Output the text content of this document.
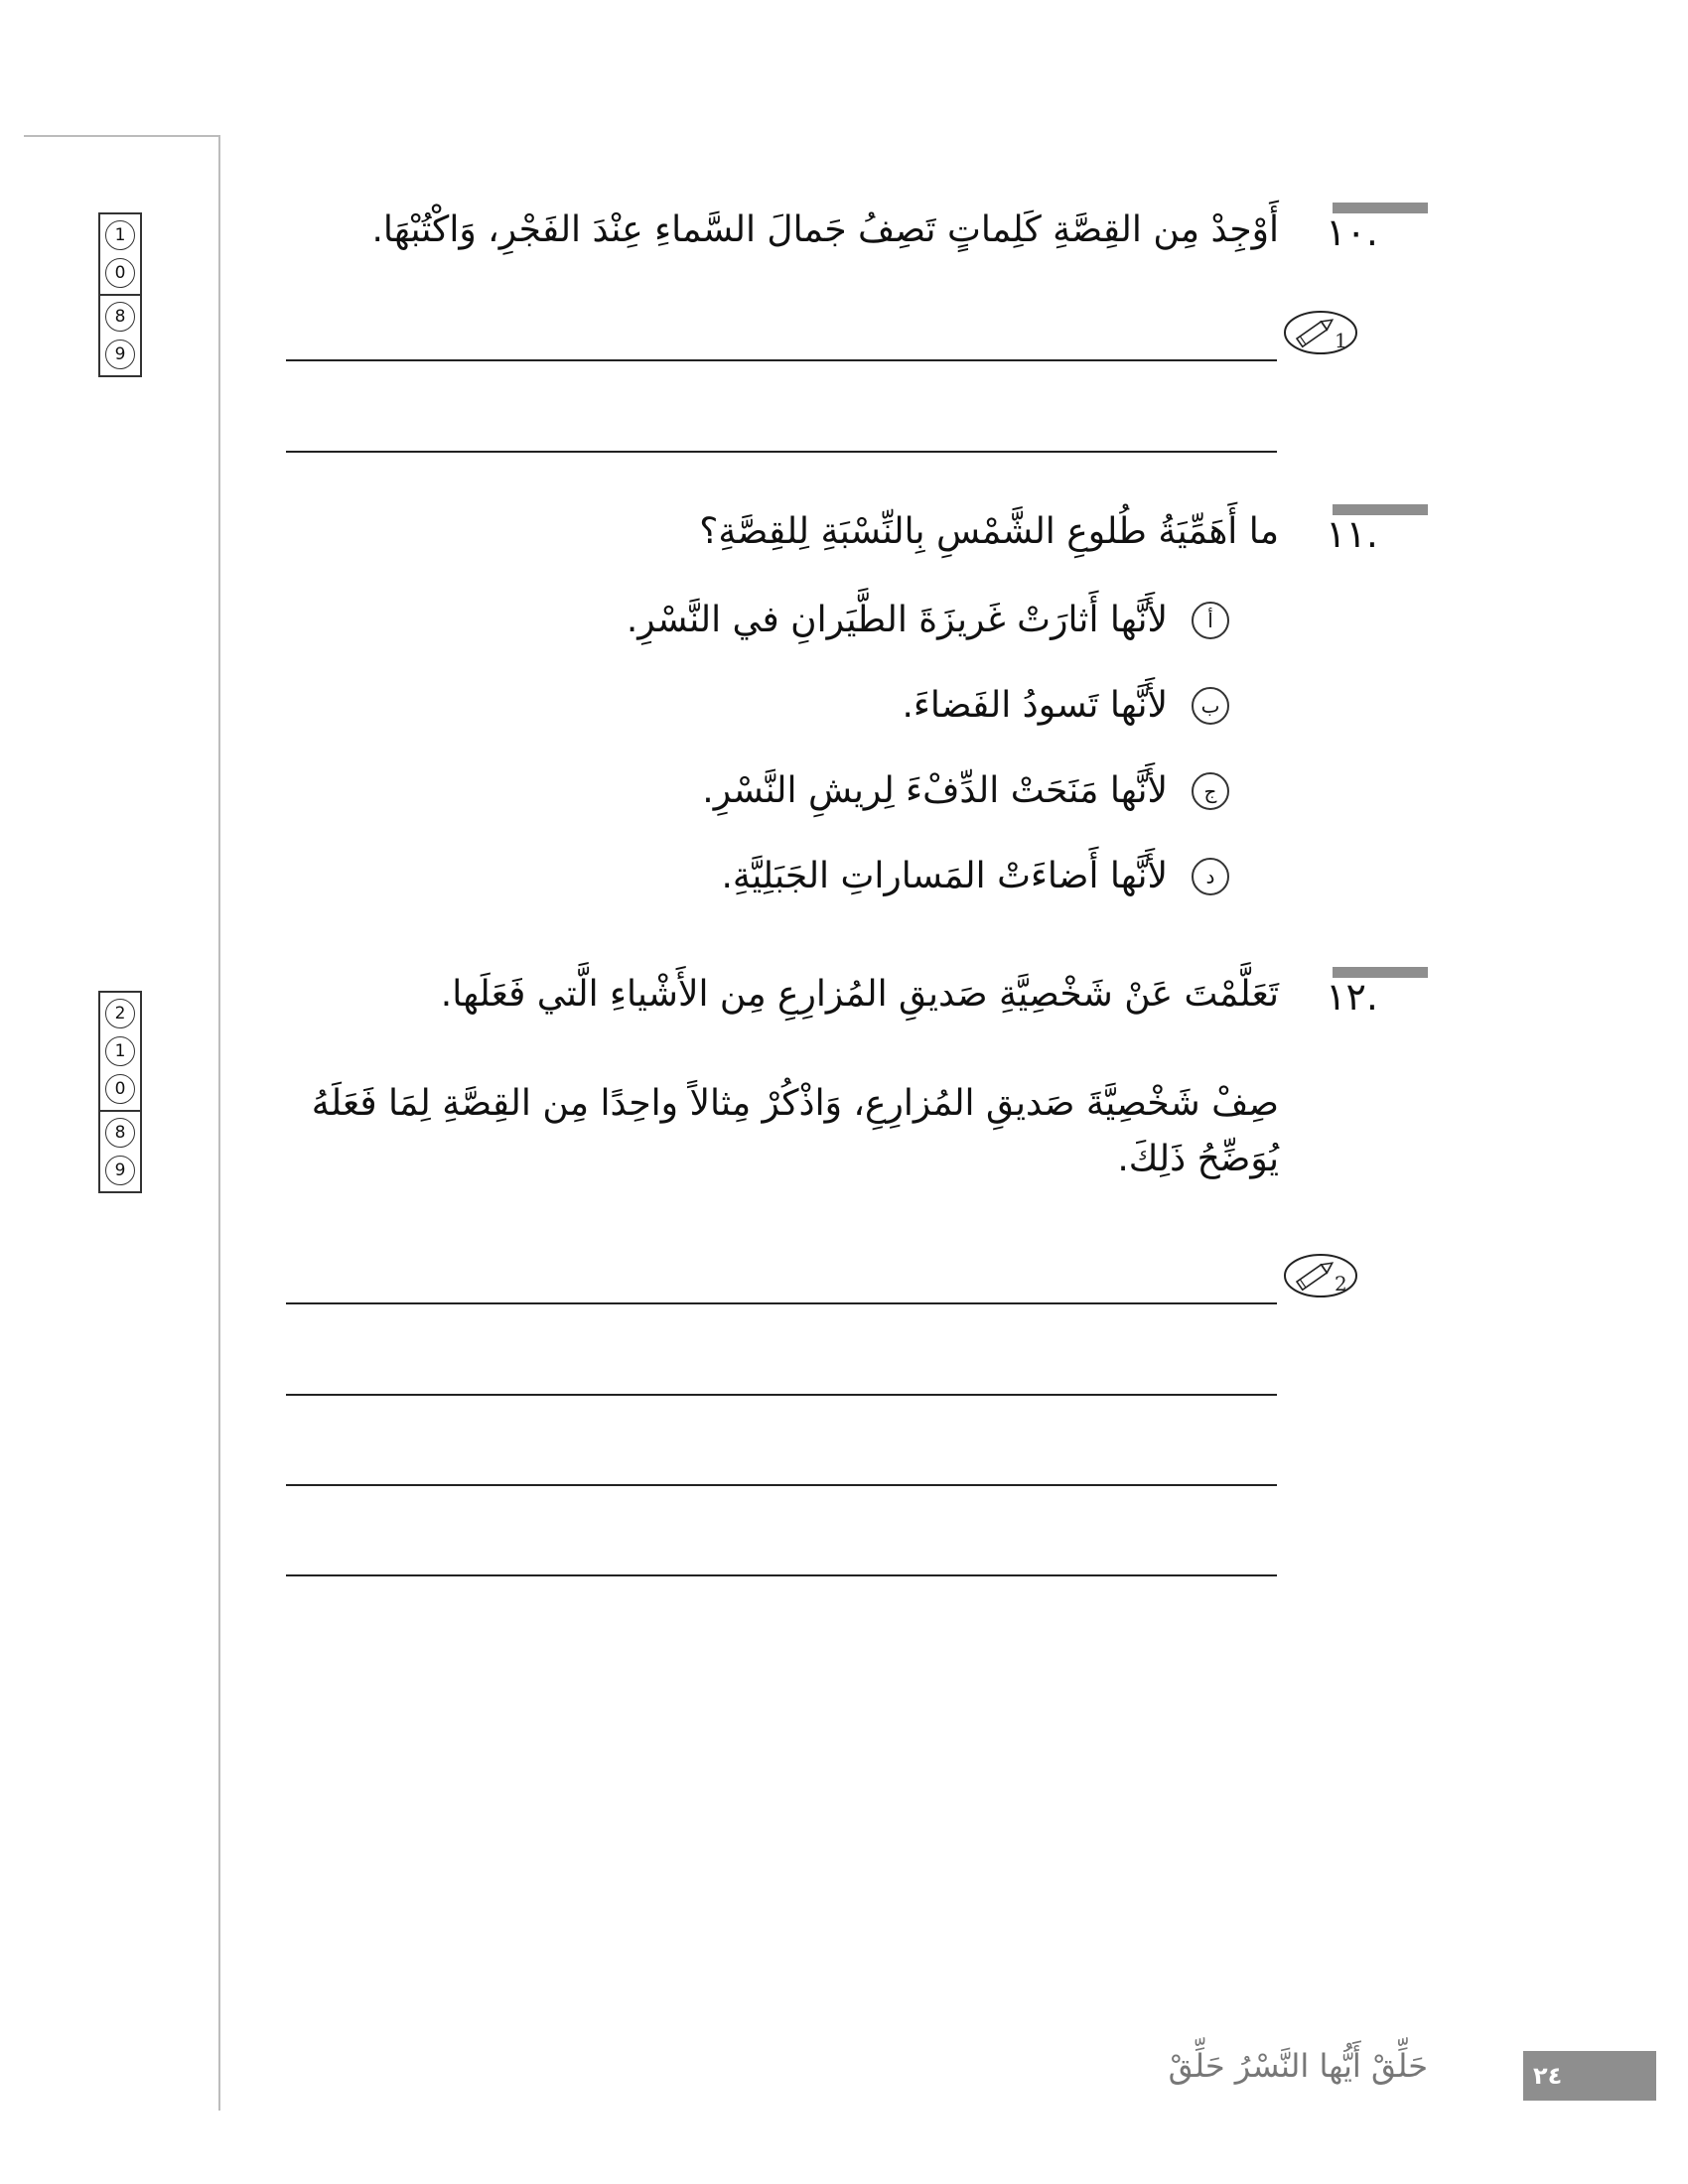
1
0
8
9
2
1
0
8
9
.١٠
أَوْجِدْ مِن القِصَّةِ كَلِماتٍ تَصِفُ جَمالَ السَّماءِ عِنْدَ الفَجْرِ، وَاكْتُبْهَا.
1
.١١
ما أَهَمِّيَةُ طُلوعِ الشَّمْسِ بِالنِّسْبَةِ لِلقِصَّةِ؟
أ
لأَنَّها أَثارَتْ غَريزَةَ الطَّيَرانِ في النَّسْرِ.
ب
لأَنَّها تَسودُ الفَضاءَ.
ج
لأَنَّها مَنَحَتْ الدِّفْءَ لِريشِ النَّسْرِ.
د
لأَنَّها أَضاءَتْ المَساراتِ الجَبَلِيَّةِ.
.١٢
تَعَلَّمْتَ عَنْ شَخْصِيَّةِ صَديقِ المُزارِعِ مِن الأَشْياءِ الَّتي فَعَلَها.
صِفْ شَخْصِيَّةَ صَديقِ المُزارِعِ، وَاذْكُرْ مِثالاً واحِدًا مِن القِصَّةِ لِمَا فَعَلَهُ
يُوَضِّحُ ذَلِكَ.
2
حَلِّقْ أَيُّها النَّسْرُ حَلِّقْ	٢٤
